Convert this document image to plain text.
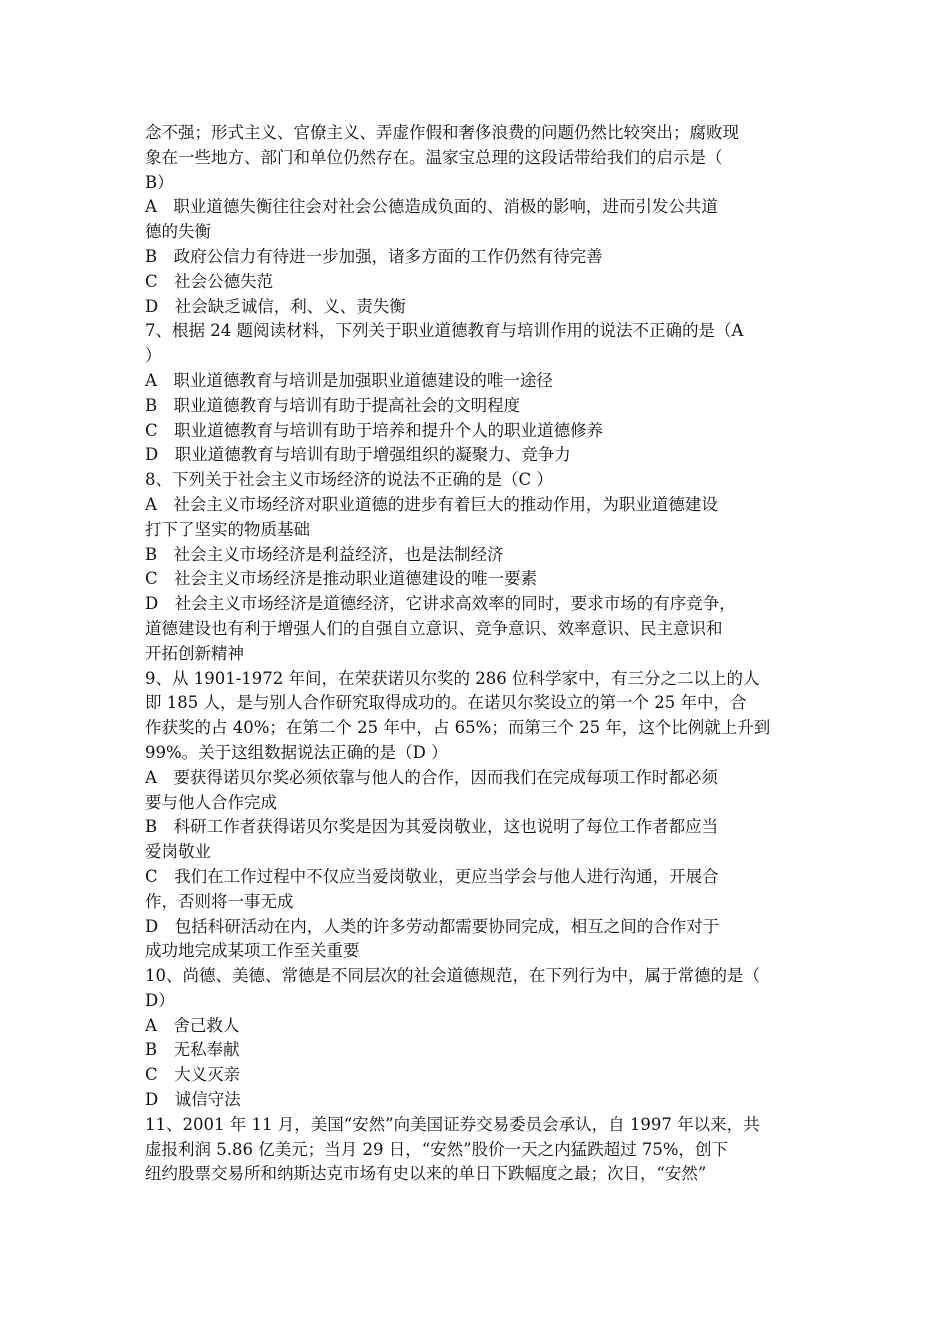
念不强；形式主义、官僚主义、弄虚作假和奢侈浪费的问题仍然比较突出；腐败现
象在一些地方、部门和单位仍然存在。温家宝总理的这段话带给我们的启示是（
B）
A　职业道德失衡往往会对社会公德造成负面的、消极的影响，进而引发公共道
德的失衡
B　政府公信力有待进一步加强，诸多方面的工作仍然有待完善
C　社会公德失范
D　社会缺乏诚信，利、义、责失衡
7、根据 24 题阅读材料，下列关于职业道德教育与培训作用的说法不正确的是（A
）
A　职业道德教育与培训是加强职业道德建设的唯一途径
B　职业道德教育与培训有助于提高社会的文明程度
C　职业道德教育与培训有助于培养和提升个人的职业道德修养
D　职业道德教育与培训有助于增强组织的凝聚力、竞争力
8、下列关于社会主义市场经济的说法不正确的是（C ）
A　社会主义市场经济对职业道德的进步有着巨大的推动作用，为职业道德建设
打下了坚实的物质基础
B　社会主义市场经济是利益经济，也是法制经济
C　社会主义市场经济是推动职业道德建设的唯一要素
D　社会主义市场经济是道德经济，它讲求高效率的同时，要求市场的有序竞争，
道德建设也有利于增强人们的自强自立意识、竞争意识、效率意识、民主意识和
开拓创新精神
9、从 1901-1972 年间，在荣获诺贝尔奖的 286 位科学家中，有三分之二以上的人
即 185 人，是与别人合作研究取得成功的。在诺贝尔奖设立的第一个 25 年中，合
作获奖的占 40%；在第二个 25 年中，占 65%；而第三个 25 年，这个比例就上升到
99%。关于这组数据说法正确的是（D ）
A　要获得诺贝尔奖必须依靠与他人的合作，因而我们在完成每项工作时都必须
要与他人合作完成
B　科研工作者获得诺贝尔奖是因为其爱岗敬业，这也说明了每位工作者都应当
爱岗敬业
C　我们在工作过程中不仅应当爱岗敬业，更应当学会与他人进行沟通，开展合
作，否则将一事无成
D　包括科研活动在内，人类的许多劳动都需要协同完成，相互之间的合作对于
成功地完成某项工作至关重要
10、尚德、美德、常德是不同层次的社会道德规范，在下列行为中，属于常德的是（
D）
A　舍己救人
B　无私奉献
C　大义灭亲
D　诚信守法
11、2001 年 11 月，美国“安然”向美国证券交易委员会承认，自 1997 年以来，共
虚报利润 5.86 亿美元；当月 29 日，“安然”股价一天之内猛跌超过 75%，创下
纽约股票交易所和纳斯达克市场有史以来的单日下跌幅度之最；次日，“安然”
